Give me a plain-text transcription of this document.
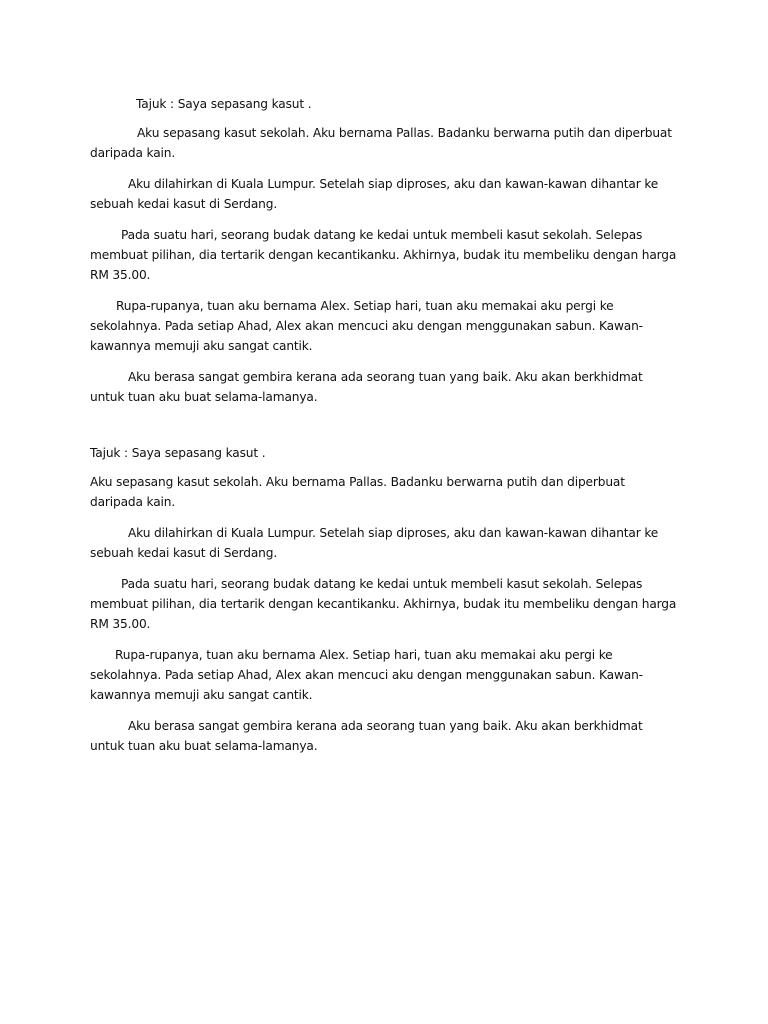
Tajuk : Saya sepasang kasut .

Aku sepasang kasut sekolah. Aku bernama Pallas. Badanku berwarna putih dan diperbuat daripada kain.

Aku dilahirkan di Kuala Lumpur. Setelah siap diproses, aku dan kawan-kawan dihantar ke sebuah kedai kasut di Serdang.

Pada suatu hari, seorang budak datang ke kedai untuk membeli kasut sekolah. Selepas membuat pilihan, dia tertarik dengan kecantikanku. Akhirnya, budak itu membeliku dengan harga RM 35.00.

Rupa-rupanya, tuan aku bernama Alex. Setiap hari, tuan aku memakai aku pergi ke sekolahnya. Pada setiap Ahad, Alex akan mencuci aku dengan menggunakan sabun. Kawan-kawannya memuji aku sangat cantik.

Aku berasa sangat gembira kerana ada seorang tuan yang baik. Aku akan berkhidmat untuk tuan aku buat selama-lamanya.

Tajuk : Saya sepasang kasut .

Aku sepasang kasut sekolah. Aku bernama Pallas. Badanku berwarna putih dan diperbuat daripada kain.

Aku dilahirkan di Kuala Lumpur. Setelah siap diproses, aku dan kawan-kawan dihantar ke sebuah kedai kasut di Serdang.

Pada suatu hari, seorang budak datang ke kedai untuk membeli kasut sekolah. Selepas membuat pilihan, dia tertarik dengan kecantikanku. Akhirnya, budak itu membeliku dengan harga RM 35.00.

Rupa-rupanya, tuan aku bernama Alex. Setiap hari, tuan aku memakai aku pergi ke sekolahnya. Pada setiap Ahad, Alex akan mencuci aku dengan menggunakan sabun. Kawan-kawannya memuji aku sangat cantik.

Aku berasa sangat gembira kerana ada seorang tuan yang baik. Aku akan berkhidmat untuk tuan aku buat selama-lamanya.
